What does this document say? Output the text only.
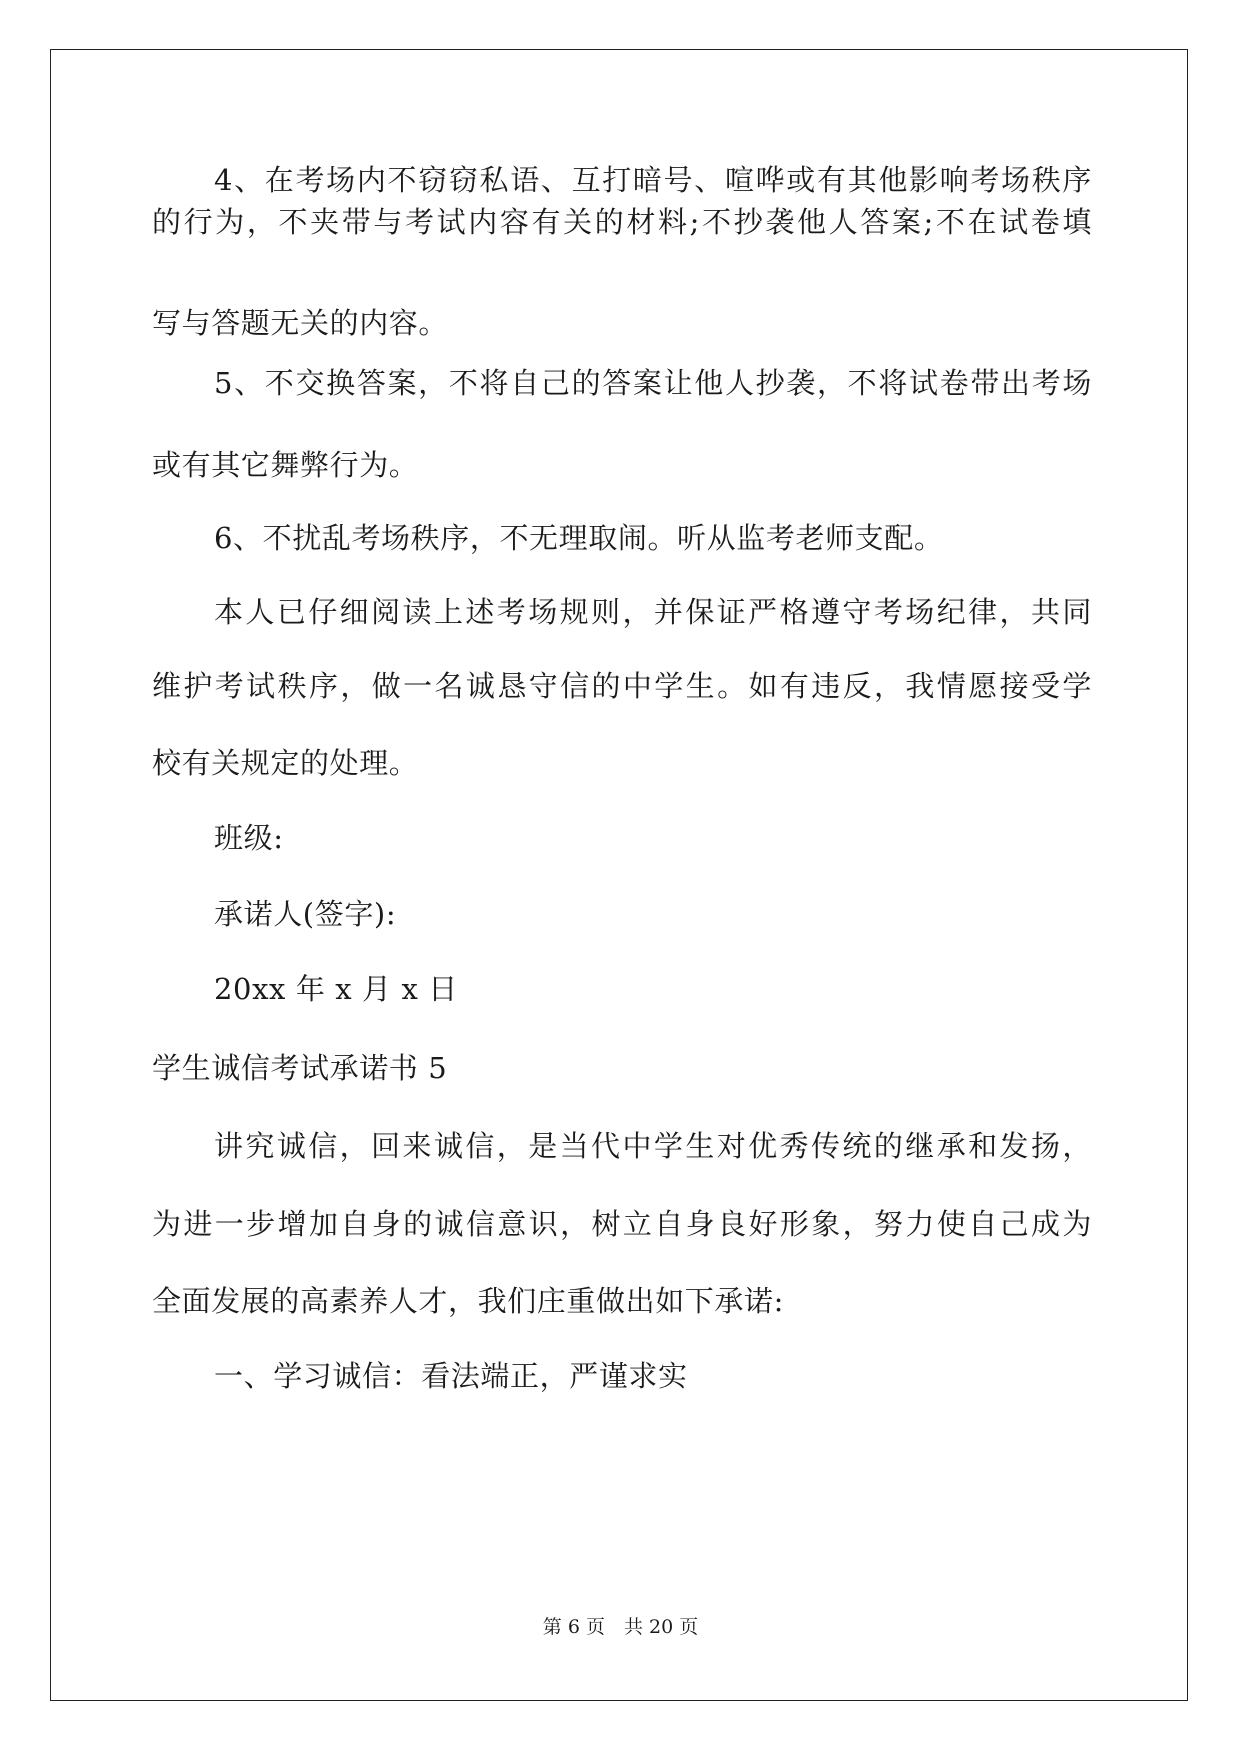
4、在考场内不窃窃私语、互打暗号、喧哗或有其他影响考场秩序
的行为，不夹带与考试内容有关的材料;不抄袭他人答案;不在试卷填
写与答题无关的内容。
5、不交换答案，不将自己的答案让他人抄袭，不将试卷带出考场
或有其它舞弊行为。
6、不扰乱考场秩序，不无理取闹。听从监考老师支配。
本人已仔细阅读上述考场规则，并保证严格遵守考场纪律，共同
维护考试秩序，做一名诚恳守信的中学生。如有违反，我情愿接受学
校有关规定的处理。
班级:
承诺人(签字):
20xx 年 x 月 x 日
学生诚信考试承诺书 5
讲究诚信，回来诚信，是当代中学生对优秀传统的继承和发扬，
为进一步增加自身的诚信意识，树立自身良好形象，努力使自己成为
全面发展的高素养人才，我们庄重做出如下承诺:
一、学习诚信：看法端正，严谨求实
第 6 页　共 20 页
